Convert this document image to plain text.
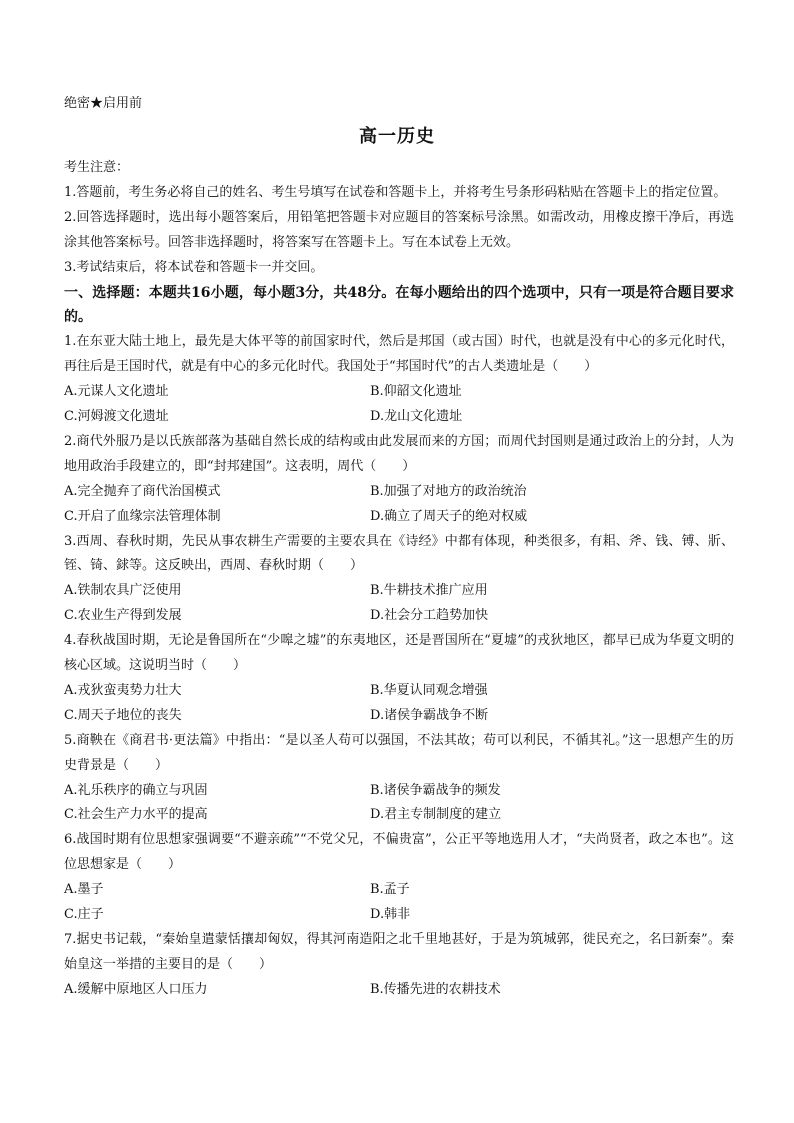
绝密★启用前
高一历史
考生注意：
1.答题前，考生务必将自己的姓名、考生号填写在试卷和答题卡上，并将考生号条形码粘贴在答题卡上的指定位置。
2.回答选择题时，选出每小题答案后，用铅笔把答题卡对应题目的答案标号涂黑。如需改动，用橡皮擦干净后，再选涂其他答案标号。回答非选择题时，将答案写在答题卡上。写在本试卷上无效。
3.考试结束后，将本试卷和答题卡一并交回。
一、选择题：本题共16小题，每小题3分，共48分。在每小题给出的四个选项中，只有一项是符合题目要求的。
1.在东亚大陆土地上，最先是大体平等的前国家时代，然后是邦国（或古国）时代，也就是没有中心的多元化时代，再往后是王国时代，就是有中心的多元化时代。我国处于“邦国时代”的古人类遗址是（　　）
A.元谋人文化遗址	B.仰韶文化遗址
C.河姆渡文化遗址	D.龙山文化遗址
2.商代外服乃是以氏族部落为基础自然长成的结构或由此发展而来的方国；而周代封国则是通过政治上的分封，人为地用政治手段建立的，即“封邦建国”。这表明，周代（　　）
A.完全抛弃了商代治国模式	B.加强了对地方的政治统治
C.开启了血缘宗法管理体制	D.确立了周天子的绝对权威
3.西周、春秋时期，先民从事农耕生产需要的主要农具在《诗经》中都有体现，种类很多，有耜、斧、钱、镈、斨、铚、锜、銶等。这反映出，西周、春秋时期（　　）
A.铁制农具广泛使用	B.牛耕技术推广应用
C.农业生产得到发展	D.社会分工趋势加快
4.春秋战国时期，无论是鲁国所在“少嗥之墟”的东夷地区，还是晋国所在“夏墟”的戎狄地区，都早已成为华夏文明的核心区域。这说明当时（　　）
A.戎狄蛮夷势力壮大	B.华夏认同观念增强
C.周天子地位的丧失	D.诸侯争霸战争不断
5.商鞅在《商君书·更法篇》中指出：“是以圣人苟可以强国，不法其故；苟可以利民，不循其礼。”这一思想产生的历史背景是（　　）
A.礼乐秩序的确立与巩固	B.诸侯争霸战争的频发
C.社会生产力水平的提高	D.君主专制制度的建立
6.战国时期有位思想家强调要“不避亲疏”“不党父兄，不偏贵富”，公正平等地选用人才，“夫尚贤者，政之本也”。这位思想家是（　　）
A.墨子	B.孟子
C.庄子	D.韩非
7.据史书记载，“秦始皇遣蒙恬攘却匈奴，得其河南造阳之北千里地甚好，于是为筑城郭，徙民充之，名曰新秦”。秦始皇这一举措的主要目的是（　　）
A.缓解中原地区人口压力	B.传播先进的农耕技术
